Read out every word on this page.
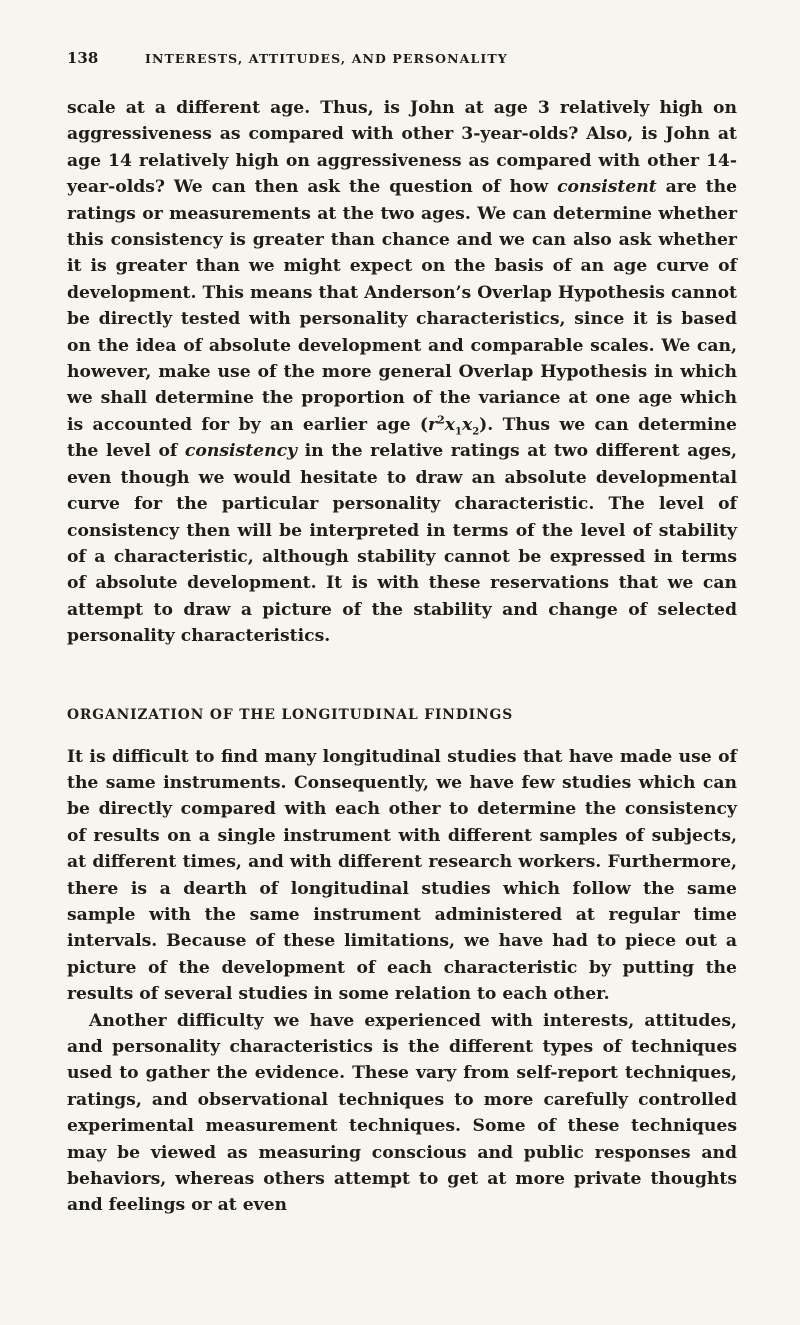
138	INTERESTS, ATTITUDES, AND PERSONALITY

scale at a different age. Thus, is John at age 3 relatively high on aggressiveness as compared with other 3-year-olds? Also, is John at age 14 relatively high on aggressiveness as compared with other 14-year-olds? We can then ask the question of how consistent are the ratings or measurements at the two ages. We can determine whether this consistency is greater than chance and we can also ask whether it is greater than we might expect on the basis of an age curve of development. This means that Anderson’s Overlap Hypothesis cannot be directly tested with personality characteristics, since it is based on the idea of absolute development and comparable scales. We can, however, make use of the more general Overlap Hypothesis in which we shall determine the proportion of the variance at one age which is accounted for by an earlier age $(r^2x_1x_2)$. Thus we can determine the level of consistency in the relative ratings at two different ages, even though we would hesitate to draw an absolute developmental curve for the particular personality characteristic. The level of consistency then will be interpreted in terms of the level of stability of a characteristic, although stability cannot be expressed in terms of absolute development. It is with these reservations that we can attempt to draw a picture of the stability and change of selected personality characteristics.

ORGANIZATION OF THE LONGITUDINAL FINDINGS

It is difficult to find many longitudinal studies that have made use of the same instruments. Consequently, we have few studies which can be directly compared with each other to determine the consistency of results on a single instrument with different samples of subjects, at different times, and with different research workers. Furthermore, there is a dearth of longitudinal studies which follow the same sample with the same instrument administered at regular time intervals. Because of these limitations, we have had to piece out a picture of the development of each characteristic by putting the results of several studies in some relation to each other.

Another difficulty we have experienced with interests, attitudes, and personality characteristics is the different types of techniques used to gather the evidence. These vary from self-report techniques, ratings, and observational techniques to more carefully controlled experimental measurement techniques. Some of these techniques may be viewed as measuring conscious and public responses and behaviors, whereas others attempt to get at more private thoughts and feelings or at even
